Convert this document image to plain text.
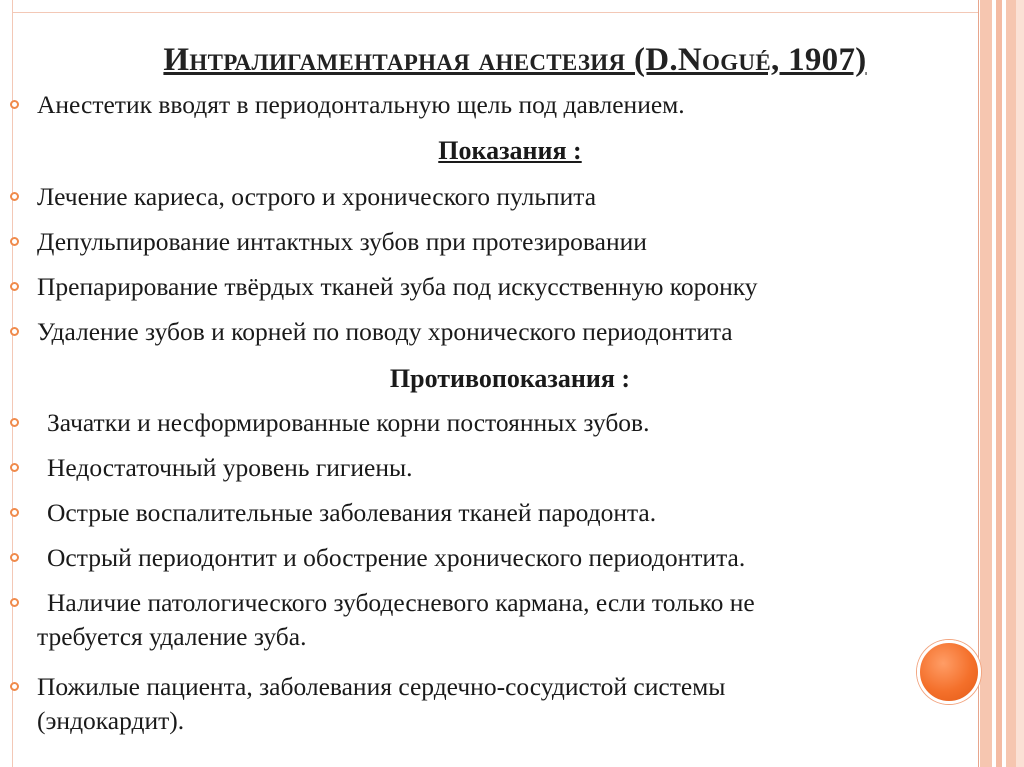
Интралигаментарная анестезия (D.Nogué, 1907)
Анестетик вводят в периодонтальную щель под давлением.
Показания :
Лечение кариеса, острого и хронического пульпита
Депульпирование интактных зубов при протезировании
Препарирование твёрдых тканей зуба под искусственную коронку
Удаление зубов и корней по поводу хронического периодонтита
Противопоказания :
Зачатки и несформированные корни постоянных зубов.
Недостаточный уровень гигиены.
Острые воспалительные заболевания тканей пародонта.
Острый периодонтит и обострение хронического периодонтита.
Наличие патологического зубодесневого кармана, если только не
требуется удаление зуба.
Пожилые пациента, заболевания сердечно-сосудистой системы
(эндокардит).
